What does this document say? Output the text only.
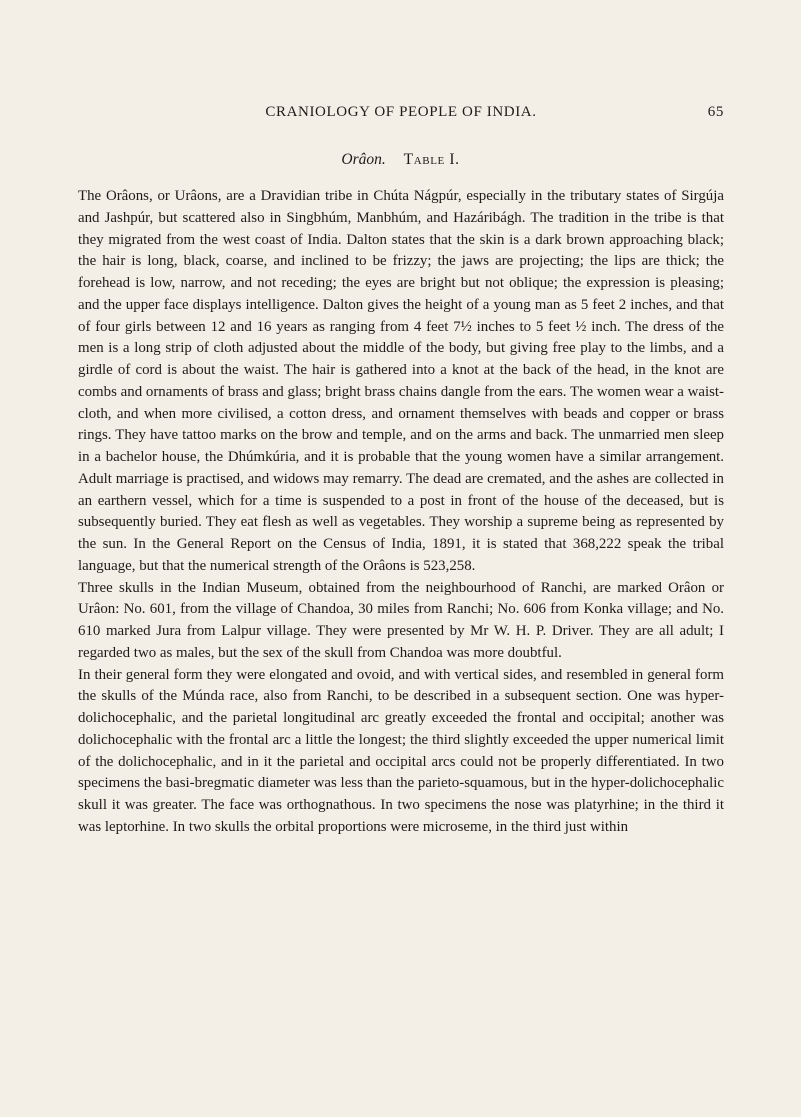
CRANIOLOGY OF PEOPLE OF INDIA.	65
Orâon. Table I.

The Orâons, or Urâons, are a Dravidian tribe in Chúta Nágpúr, especially in the tributary states of Sirgúja and Jashpúr, but scattered also in Singbhúm, Manbhúm, and Hazáribágh. The tradition in the tribe is that they migrated from the west coast of India. Dalton states that the skin is a dark brown approaching black; the hair is long, black, coarse, and inclined to be frizzy; the jaws are projecting; the lips are thick; the forehead is low, narrow, and not receding; the eyes are bright but not oblique; the expression is pleasing; and the upper face displays intelligence. Dalton gives the height of a young man as 5 feet 2 inches, and that of four girls between 12 and 16 years as ranging from 4 feet 7½ inches to 5 feet ½ inch. The dress of the men is a long strip of cloth adjusted about the middle of the body, but giving free play to the limbs, and a girdle of cord is about the waist. The hair is gathered into a knot at the back of the head, in the knot are combs and ornaments of brass and glass; bright brass chains dangle from the ears. The women wear a waist-cloth, and when more civilised, a cotton dress, and ornament themselves with beads and copper or brass rings. They have tattoo marks on the brow and temple, and on the arms and back. The unmarried men sleep in a bachelor house, the Dhúmkúria, and it is probable that the young women have a similar arrangement. Adult marriage is practised, and widows may remarry. The dead are cremated, and the ashes are collected in an earthern vessel, which for a time is suspended to a post in front of the house of the deceased, but is subsequently buried. They eat flesh as well as vegetables. They worship a supreme being as represented by the sun. In the General Report on the Census of India, 1891, it is stated that 368,222 speak the tribal language, but that the numerical strength of the Orâons is 523,258.

Three skulls in the Indian Museum, obtained from the neighbourhood of Ranchi, are marked Orâon or Urâon: No. 601, from the village of Chandoa, 30 miles from Ranchi; No. 606 from Konka village; and No. 610 marked Jura from Lalpur village. They were presented by Mr W. H. P. Driver. They are all adult; I regarded two as males, but the sex of the skull from Chandoa was more doubtful.

In their general form they were elongated and ovoid, and with vertical sides, and resembled in general form the skulls of the Múnda race, also from Ranchi, to be described in a subsequent section. One was hyper-dolichocephalic, and the parietal longitudinal arc greatly exceeded the frontal and occipital; another was dolichocephalic with the frontal arc a little the longest; the third slightly exceeded the upper numerical limit of the dolichocephalic, and in it the parietal and occipital arcs could not be properly differentiated. In two specimens the basi-bregmatic diameter was less than the parieto-squamous, but in the hyper-dolichocephalic skull it was greater. The face was orthognathous. In two specimens the nose was platyrhine; in the third it was leptorhine. In two skulls the orbital proportions were microseme, in the third just within
